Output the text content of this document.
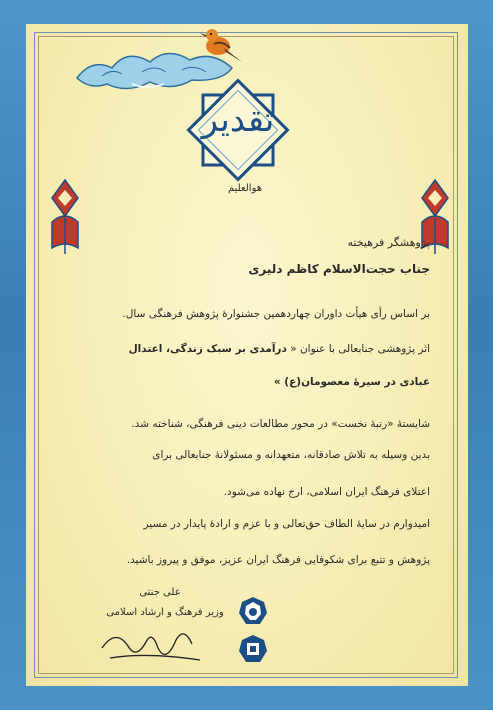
تقدیر
هوالعلیم
پژوهشگر فرهیخته
جناب حجت‌الاسلام کاظم دلیری
بر اساس رأی هیأت داوران چهاردهمین جشنوارهٔ پژوهش فرهنگی سال.
اثر پژوهشی جنابعالی با عنوان « درآمدی بر سبک زندگی، اعتدال
عبادی در سیرهٔ معصومان(ع) »
شایستهٔ «رتبهٔ نخست» در محور مطالعات دینی فرهنگی، شناخته شد.
بدین وسیله به تلاش صادقانه، متعهدانه و مسئولانهٔ جنابعالی برای
اعتلای فرهنگ ایران اسلامی، ارج نهاده می‌شود.
امیدوارم در سایهٔ الطاف حق‌تعالی و با عزم و ارادهٔ پایدار در مسیر
پژوهش و تتبع برای شکوفایی فرهنگ ایران عزیز، موفق و پیروز باشید.
علی جنتی
وزیر فرهنگ و ارشاد اسلامی
